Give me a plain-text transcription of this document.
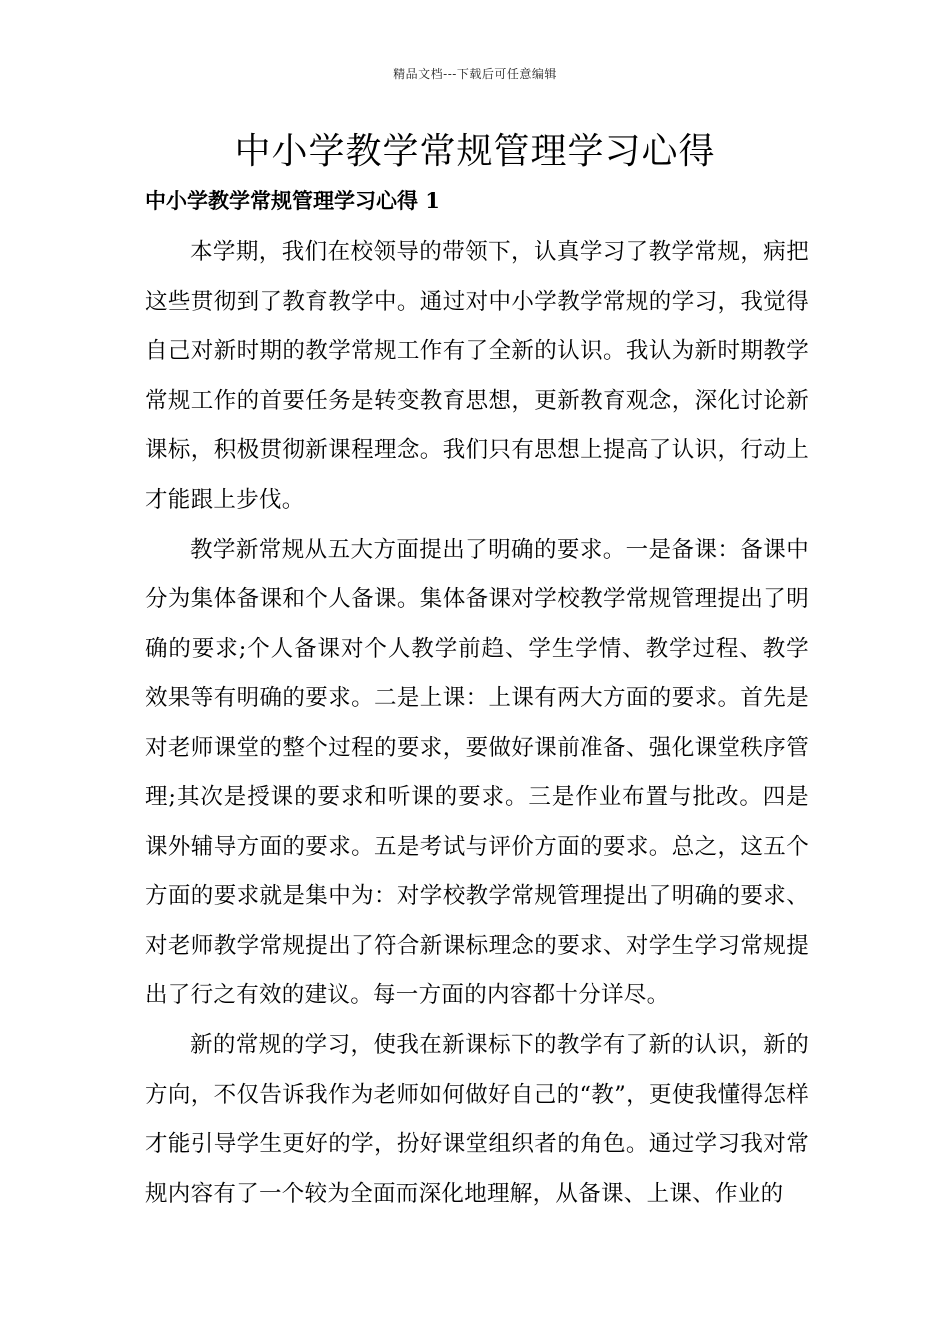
精品文档---下载后可任意编辑
中小学教学常规管理学习心得
中小学教学常规管理学习心得 1

本学期，我们在校领导的带领下，认真学习了教学常规，病把这些贯彻到了教育教学中。通过对中小学教学常规的学习，我觉得自己对新时期的教学常规工作有了全新的认识。我认为新时期教学常规工作的首要任务是转变教育思想，更新教育观念，深化讨论新课标，积极贯彻新课程理念。我们只有思想上提高了认识，行动上才能跟上步伐。

教学新常规从五大方面提出了明确的要求。一是备课：备课中分为集体备课和个人备课。集体备课对学校教学常规管理提出了明确的要求;个人备课对个人教学前趋、学生学情、教学过程、教学效果等有明确的要求。二是上课：上课有两大方面的要求。首先是对老师课堂的整个过程的要求，要做好课前准备、强化课堂秩序管理;其次是授课的要求和听课的要求。三是作业布置与批改。四是课外辅导方面的要求。五是考试与评价方面的要求。总之，这五个方面的要求就是集中为：对学校教学常规管理提出了明确的要求、对老师教学常规提出了符合新课标理念的要求、对学生学习常规提出了行之有效的建议。每一方面的内容都十分详尽。

新的常规的学习，使我在新课标下的教学有了新的认识，新的方向，不仅告诉我作为老师如何做好自己的“教”，更使我懂得怎样才能引导学生更好的学，扮好课堂组织者的角色。通过学习我对常规内容有了一个较为全面而深化地理解，从备课、上课、作业的
